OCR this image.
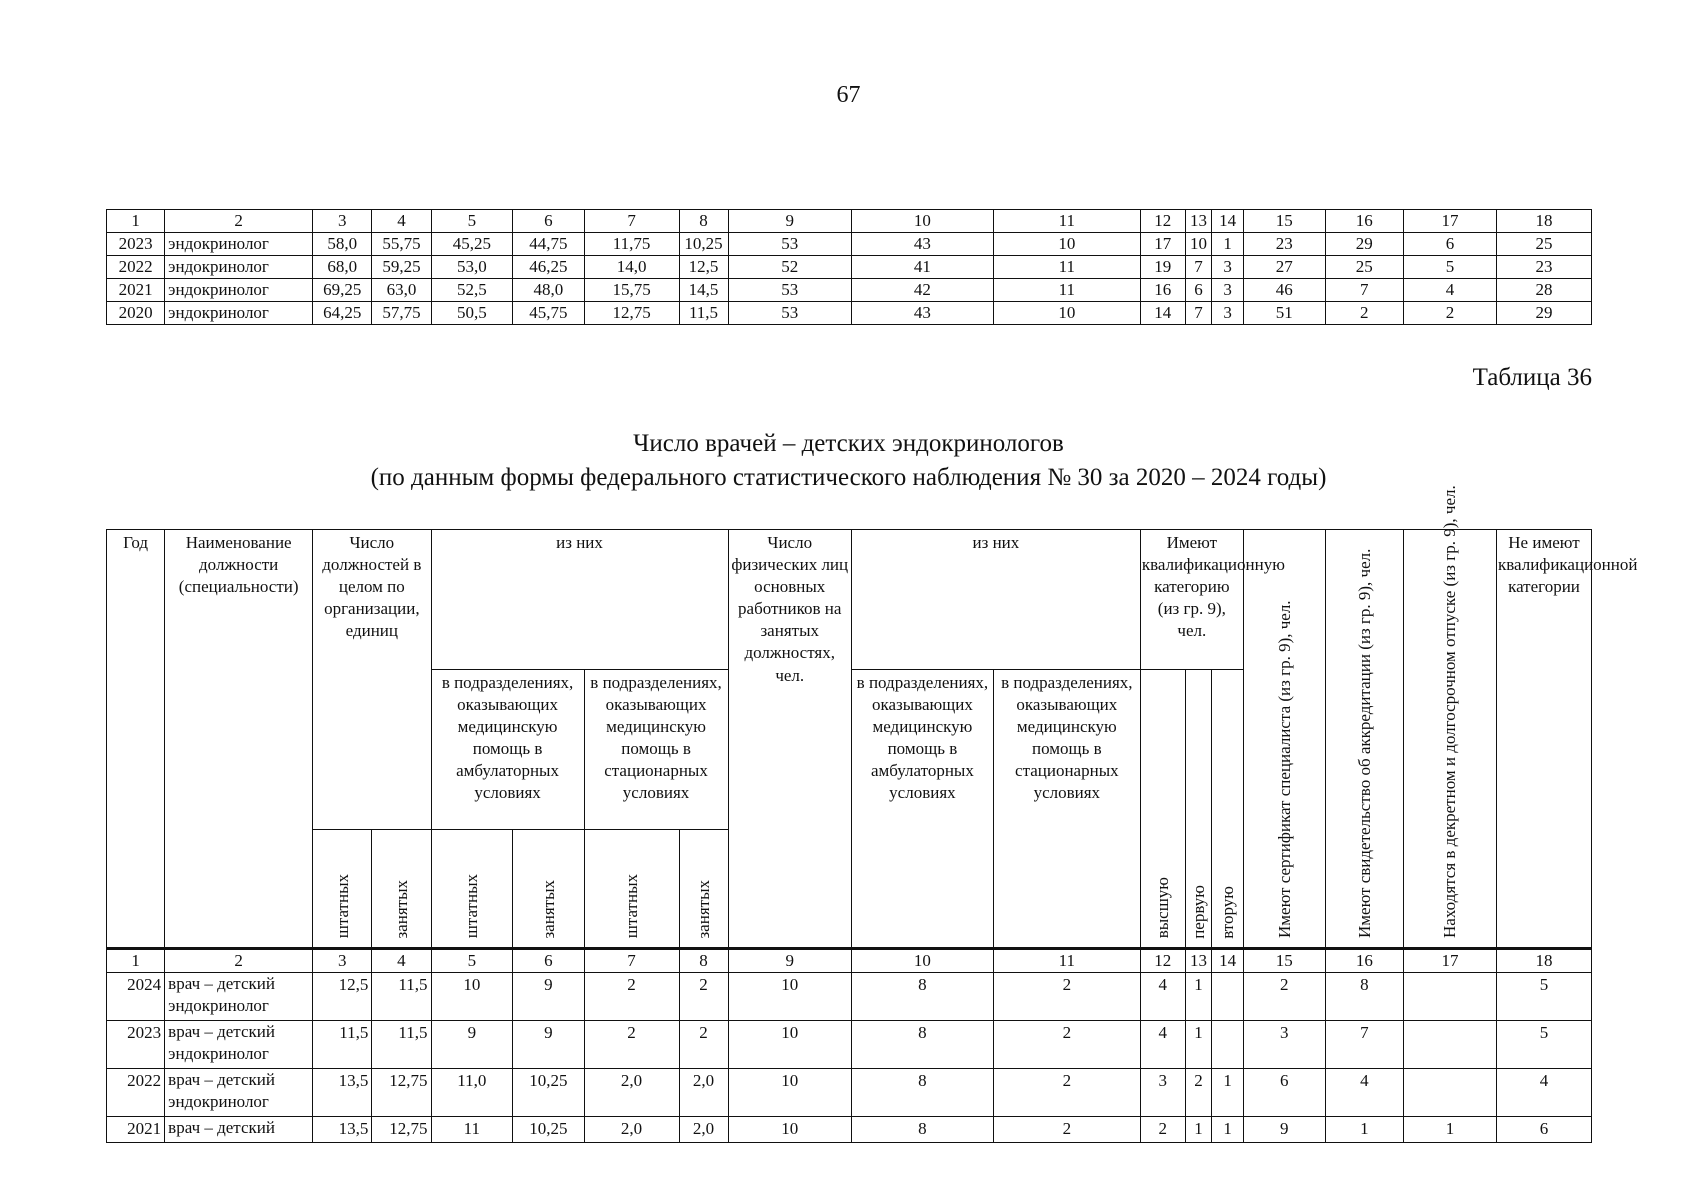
67
1	2	3	4	5	6	7	8	9	10	11	12	13	14	15	16	17	18
2023	эндокринолог	58,0	55,75	45,25	44,75	11,75	10,25	53	43	10	17	10	1	23	29	6	25
2022	эндокринолог	68,0	59,25	53,0	46,25	14,0	12,5	52	41	11	19	7	3	27	25	5	23
2021	эндокринолог	69,25	63,0	52,5	48,0	15,75	14,5	53	42	11	16	6	3	46	7	4	28
2020	эндокринолог	64,25	57,75	50,5	45,75	12,75	11,5	53	43	10	14	7	3	51	2	2	29
Таблица 36
Число врачей – детских эндокринологов
(по данным формы федерального статистического наблюдения № 30 за 2020 – 2024 годы)
Год	Наименование должности (специальности)	Число должностей в целом по организации, единиц		из них				Число физических лиц основных работников на занятых должностях, чел.	из них		Имеют квалификационную категорию (из гр. 9), чел.			Имеют сертификат специалиста (из гр. 9), чел.	Имеют свидетельство об аккредитации (из гр. 9), чел.	Находятся в декретном и долгосрочном отпуске (из гр. 9), чел.	Не имеют квалификационной категории
				в подразделениях, оказывающих медицинскую помощь в амбулаторных условиях		в подразделениях, оказывающих медицинскую помощь в стационарных условиях			в подразделениях, оказывающих медицинскую помощь в амбулаторных условиях	в подразделениях, оказывающих медицинскую помощь в стационарных условиях	высшую	первую	вторую				
		штатных	занятых	штатных	занятых	штатных	занятых										
1	2	3	4	5	6	7	8	9	10	11	12	13	14	15	16	17	18
2024	врач – детский эндокринолог	12,5	11,5	10	9	2	2	10	8	2	4	1		2	8		5
2023	врач – детский эндокринолог	11,5	11,5	9	9	2	2	10	8	2	4	1		3	7		5
2022	врач – детский эндокринолог	13,5	12,75	11,0	10,25	2,0	2,0	10	8	2	3	2	1	6	4		4
2021	врач – детский	13,5	12,75	11	10,25	2,0	2,0	10	8	2	2	1	1	9	1	1	6
